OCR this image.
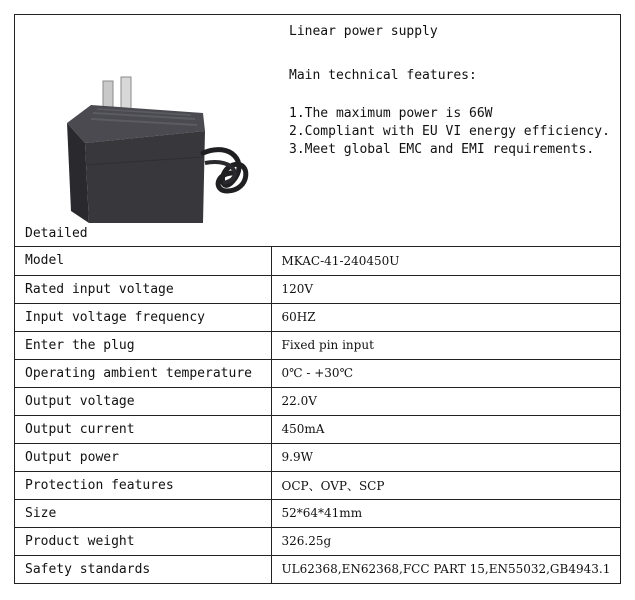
Detailed
Linear power supply
Main technical features:
1.The maximum power is 66W
2.Compliant with EU VI energy efficiency.
3.Meet global EMC and EMI requirements.
Model	MKAC-41-240450U
Rated input voltage	120V
Input voltage frequency	60HZ
Enter the plug	Fixed pin input
Operating ambient temperature	0℃ - +30℃
Output voltage	22.0V
Output current	450mA
Output power	9.9W
Protection features	OCP、OVP、SCP
Size	52*64*41mm
Product weight	326.25g
Safety standards	UL62368,EN62368,FCC PART 15,EN55032,GB4943.1
